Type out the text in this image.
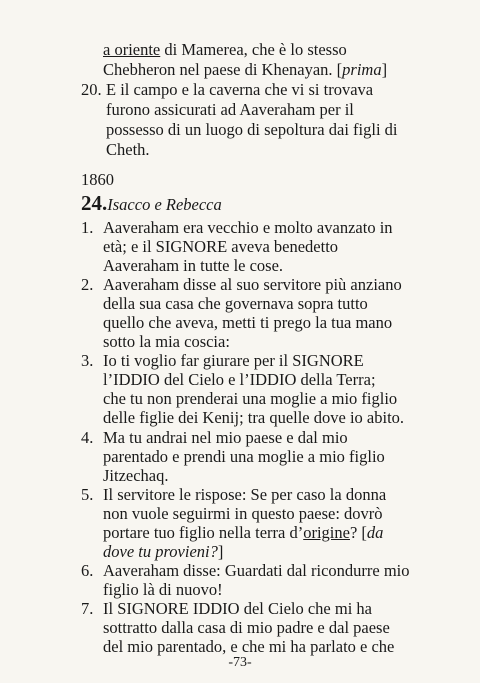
a oriente di Mamerea, che è lo stesso
Chebheron nel paese di Khenayan. [prima]
20. E il campo e la caverna che vi si trovava
furono assicurati ad Aaveraham per il
possesso di un luogo di sepoltura dai figli di
Cheth.
1860
24.Isacco e Rebecca
1. Aaveraham era vecchio e molto avanzato in
età; e il SIGNORE aveva benedetto
Aaveraham in tutte le cose.
2. Aaveraham disse al suo servitore più anziano
della sua casa che governava sopra tutto
quello che aveva, metti ti prego la tua mano
sotto la mia coscia:
3. Io ti voglio far giurare per il SIGNORE
l’IDDIO del Cielo e l’IDDIO della Terra;
che tu non prenderai una moglie a mio figlio
delle figlie dei Kenij; tra quelle dove io abito.
4. Ma tu andrai nel mio paese e dal mio
parentado e prendi una moglie a mio figlio
Jitzechaq.
5. Il servitore le rispose: Se per caso la donna
non vuole seguirmi in questo paese: dovrò
portare tuo figlio nella terra d’origine? [da
dove tu provieni?]
6. Aaveraham disse: Guardati dal ricondurre mio
figlio là di nuovo!
7. Il SIGNORE IDDIO del Cielo che mi ha
sottratto dalla casa di mio padre e dal paese
del mio parentado, e che mi ha parlato e che
-73-
